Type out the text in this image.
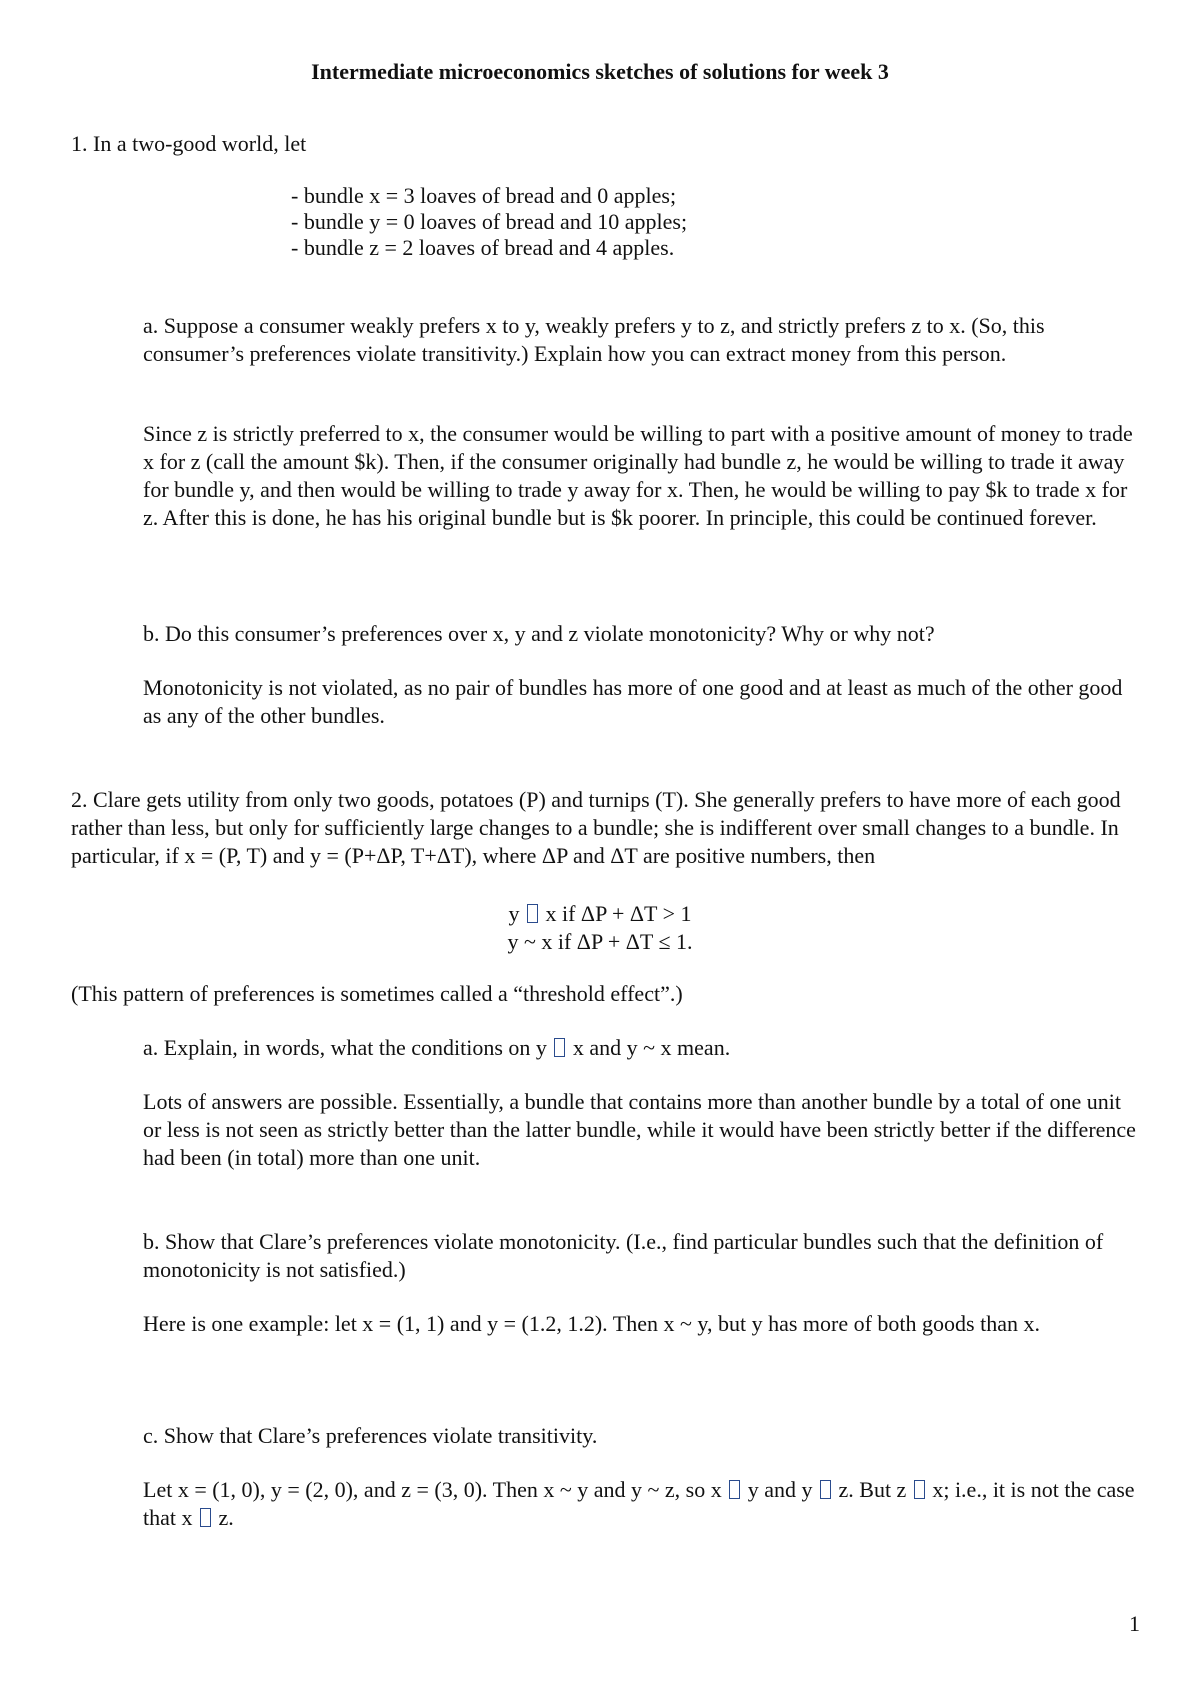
Intermediate microeconomics sketches of solutions for week 3

1. In a two-good world, let

- bundle x = 3 loaves of bread and 0 apples;

- bundle y = 0 loaves of bread and 10 apples;

- bundle z = 2 loaves of bread and 4 apples.

a. Suppose a consumer weakly prefers x to y, weakly prefers y to z, and strictly prefers z to x. (So, this consumer’s preferences violate transitivity.) Explain how you can extract money from this person.

Since z is strictly preferred to x, the consumer would be willing to part with a positive amount of money to trade x for z (call the amount $k). Then, if the consumer originally had bundle z, he would be willing to trade it away for bundle y, and then would be willing to trade y away for x. Then, he would be willing to pay $k to trade x for z. After this is done, he has his original bundle but is $k poorer. In principle, this could be continued forever.

b. Do this consumer’s preferences over x, y and z violate monotonicity? Why or why not?

Monotonicity is not violated, as no pair of bundles has more of one good and at least as much of the other good as any of the other bundles.

2. Clare gets utility from only two goods, potatoes (P) and turnips (T). She generally prefers to have more of each good rather than less, but only for sufficiently large changes to a bundle; she is indifferent over small changes to a bundle. In particular, if x = (P, T) and y = (P+ΔP, T+ΔT), where ΔP and ΔT are positive numbers, then

y  x if ΔP + ΔT > 1
y ~ x if ΔP + ΔT ≤ 1.

(This pattern of preferences is sometimes called a “threshold effect”.)

a. Explain, in words, what the conditions on y  x and y ~ x mean.

Lots of answers are possible. Essentially, a bundle that contains more than another bundle by a total of one unit or less is not seen as strictly better than the latter bundle, while it would have been strictly better if the difference had been (in total) more than one unit.

b. Show that Clare’s preferences violate monotonicity. (I.e., find particular bundles such that the definition of monotonicity is not satisfied.)

Here is one example: let x = (1, 1) and y = (1.2, 1.2). Then x ~ y, but y has more of both goods than x.

c. Show that Clare’s preferences violate transitivity.

Let x = (1, 0), y = (2, 0), and z = (3, 0). Then x ~ y and y ~ z, so x  y and y  z. But z  x; i.e., it is not the case that x  z.

1
